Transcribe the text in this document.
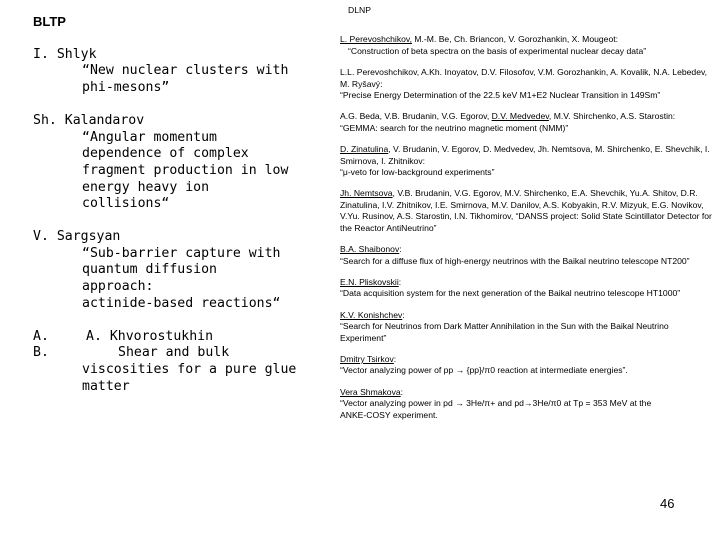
BLTP
I. Shlyk
“New nuclear clusters with
phi-mesons”
Sh. Kalandarov
“Angular momentum
dependence of complex
fragment production in low
energy heavy ion collisions“
V. Sargsyan
“Sub-barrier capture with
quantum diffusion
approach:
actinide-based reactions“
A.	A. Khvorostukhin
B.	Shear and bulk
viscosities for a pure glue
matter
DLNP
L. Perevoshchikov, M.-M. Be, Ch. Briancon, V. Gorozhankin, X. Mougeot:
“Construction of beta spectra on the basis of experimental nuclear decay data”
L.L. Perevoshchikov, A.Kh. Inoyatov, D.V. Filosofov, V.M. Gorozhankin, A. Kovalik, N.A. Lebedev, M. Ryšavý:
“Precise Energy Determination of the 22.5 keV M1+E2 Nuclear Transition in 149Sm”
A.G. Beda, V.B. Brudanin, V.G. Egorov, D.V. Medvedev, M.V. Shirchenko, A.S. Starostin:
“GEMMA: search for the neutrino magnetic moment (NMM)”
D. Zinatulina, V. Brudanin, V. Egorov, D. Medvedev, Jh. Nemtsova, M. Shirchenko, E. Shevchik, I. Smirnova, I. Zhitnikov:
“μ-veto for low-background experiments”
Jh. Nemtsova, V.B. Brudanin, V.G. Egorov, M.V. Shirchenko, E.A. Shevchik, Yu.A. Shitov, D.R. Zinatulina, I.V. Zhitnikov, I.E. Smirnova, M.V. Danilov, A.S. Kobyakin, R.V. Mizyuk, E.G. Novikov, V.Yu. Rusinov, A.S. Starostin, I.N. Tikhomirov, “DANSS project: Solid State Scintillator Detector for the Reactor AntiNeutrino”
B.A. Shaibonov:
“Search for a diffuse flux of high-energy neutrinos with the Baikal neutrino telescope NT200”
E.N. Pliskovskii:
“Data acquisition system for the next generation of the Baikal neutrino telescope HT1000”
K.V. Konishchev:
“Search for Neutrinos from Dark Matter Annihilation in the Sun with the Baikal Neutrino Experiment”
Dmitry Tsirkov:
“Vector analyzing power of pp → {pp}/π0 reaction at intermediate energies”.
Vera Shmakova:
“Vector analyzing power in pd → 3He/π+ and pd→3He/π0 at Tp = 353 MeV at the ANKE-COSY experiment.
46
